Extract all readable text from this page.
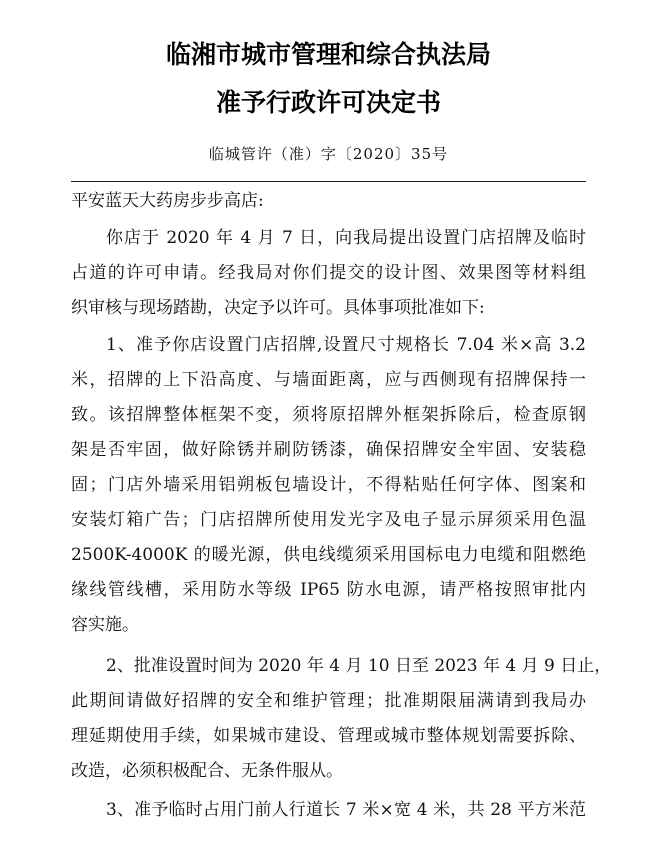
临湘市城市管理和综合执法局
准予行政许可决定书
临城管许（准）字〔2020〕35号
平安蓝天大药房步步高店:
你店于 2020 年 4 月 7 日，向我局提出设置门店招牌及临时
占道的许可申请。经我局对你们提交的设计图、效果图等材料组
织审核与现场踏勘，决定予以许可。具体事项批准如下:
1、准予你店设置门店招牌,设置尺寸规格长 7.04 米×高 3.2
米，招牌的上下沿高度、与墙面距离，应与西侧现有招牌保持一
致。该招牌整体框架不变，须将原招牌外框架拆除后，检查原钢
架是否牢固，做好除锈并刷防锈漆，确保招牌安全牢固、安装稳
固；门店外墙采用铝朔板包墙设计，不得粘贴任何字体、图案和
安装灯箱广告；门店招牌所使用发光字及电子显示屏须采用色温
2500K-4000K 的暖光源，供电线缆须采用国标电力电缆和阻燃绝
缘线管线槽，采用防水等级 IP65 防水电源，请严格按照审批内
容实施。
2、批准设置时间为 2020 年 4 月 10 日至 2023 年 4 月 9 日止，
此期间请做好招牌的安全和维护管理；批准期限届满请到我局办
理延期使用手续，如果城市建设、管理或城市整体规划需要拆除、
改造，必须积极配合、无条件服从。
3、准予临时占用门前人行道长 7 米×宽 4 米，共 28 平方米范
